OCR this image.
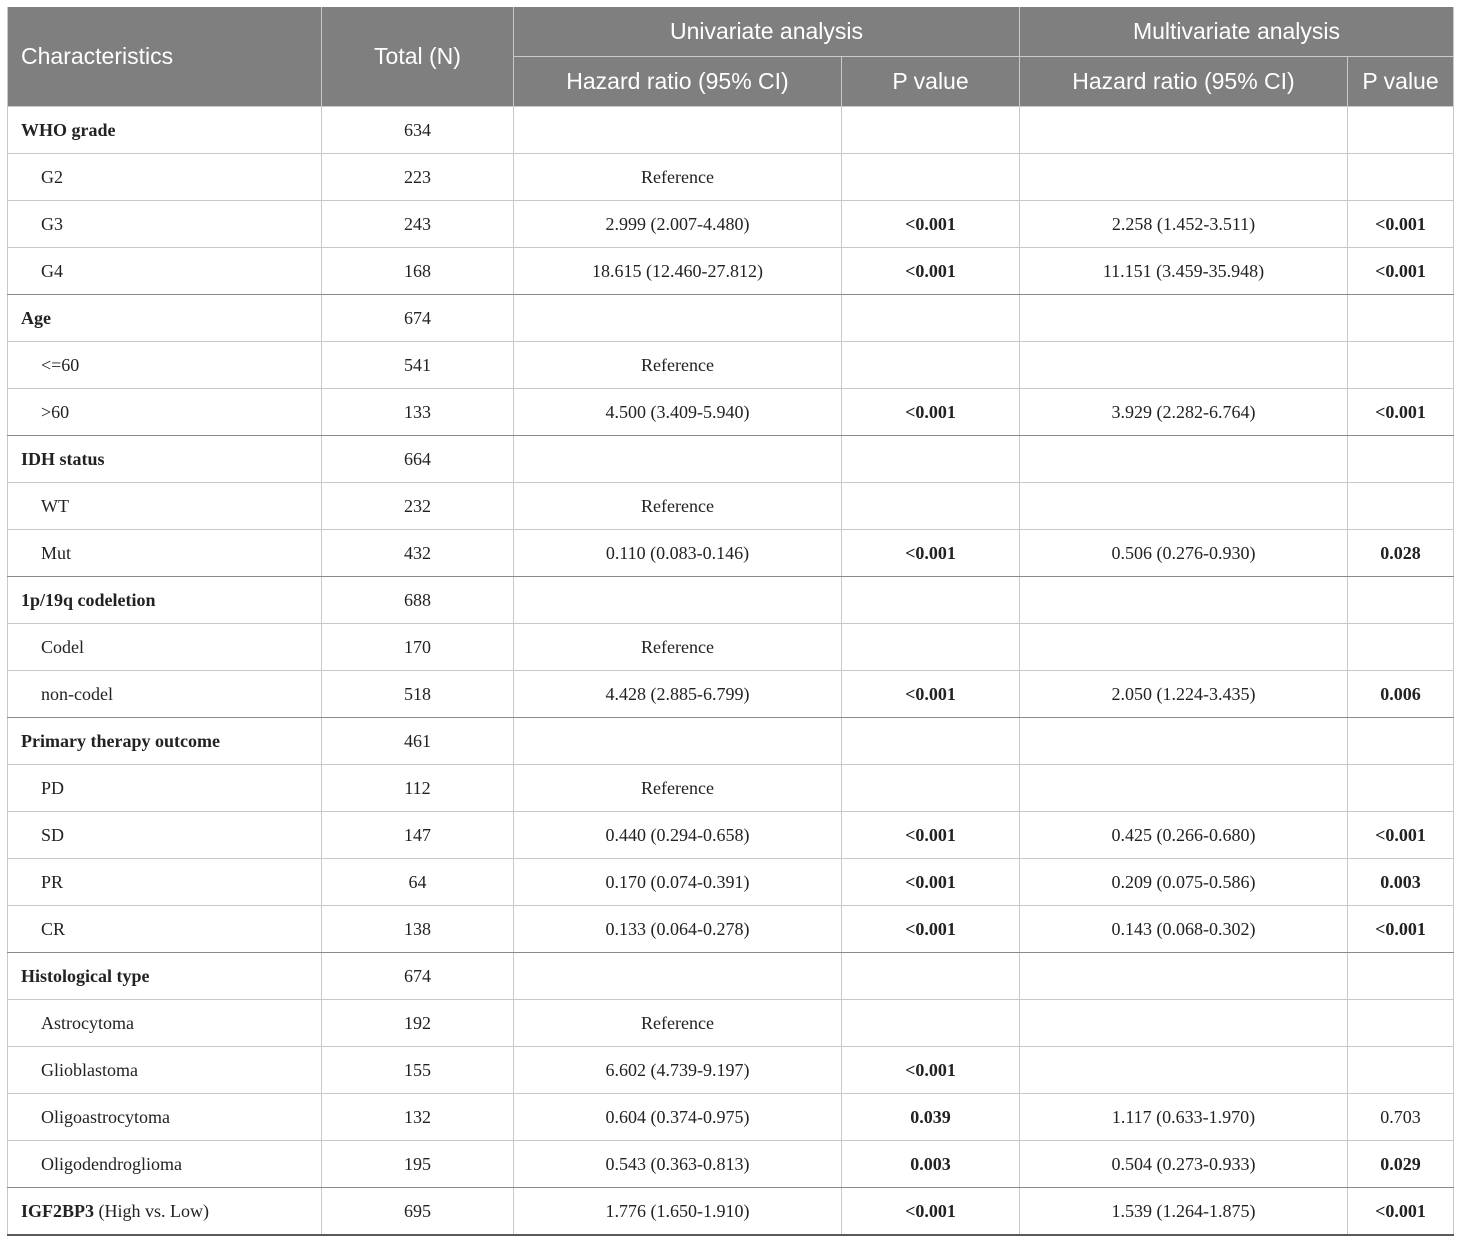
Characteristics	Total (N)	Univariate analysis		Multivariate analysis	
		Hazard ratio (95% CI)	P value	Hazard ratio (95% CI)	P value
WHO grade	634				
G2	223	Reference			
G3	243	2.999 (2.007-4.480)	<0.001	2.258 (1.452-3.511)	<0.001
G4	168	18.615 (12.460-27.812)	<0.001	11.151 (3.459-35.948)	<0.001
Age	674				
<=60	541	Reference			
>60	133	4.500 (3.409-5.940)	<0.001	3.929 (2.282-6.764)	<0.001
IDH status	664				
WT	232	Reference			
Mut	432	0.110 (0.083-0.146)	<0.001	0.506 (0.276-0.930)	0.028
1p/19q codeletion	688				
Codel	170	Reference			
non-codel	518	4.428 (2.885-6.799)	<0.001	2.050 (1.224-3.435)	0.006
Primary therapy outcome	461				
PD	112	Reference			
SD	147	0.440 (0.294-0.658)	<0.001	0.425 (0.266-0.680)	<0.001
PR	64	0.170 (0.074-0.391)	<0.001	0.209 (0.075-0.586)	0.003
CR	138	0.133 (0.064-0.278)	<0.001	0.143 (0.068-0.302)	<0.001
Histological type	674				
Astrocytoma	192	Reference			
Glioblastoma	155	6.602 (4.739-9.197)	<0.001		
Oligoastrocytoma	132	0.604 (0.374-0.975)	0.039	1.117 (0.633-1.970)	0.703
Oligodendroglioma	195	0.543 (0.363-0.813)	0.003	0.504 (0.273-0.933)	0.029
IGF2BP3 (High vs. Low)	695	1.776 (1.650-1.910)	<0.001	1.539 (1.264-1.875)	<0.001
